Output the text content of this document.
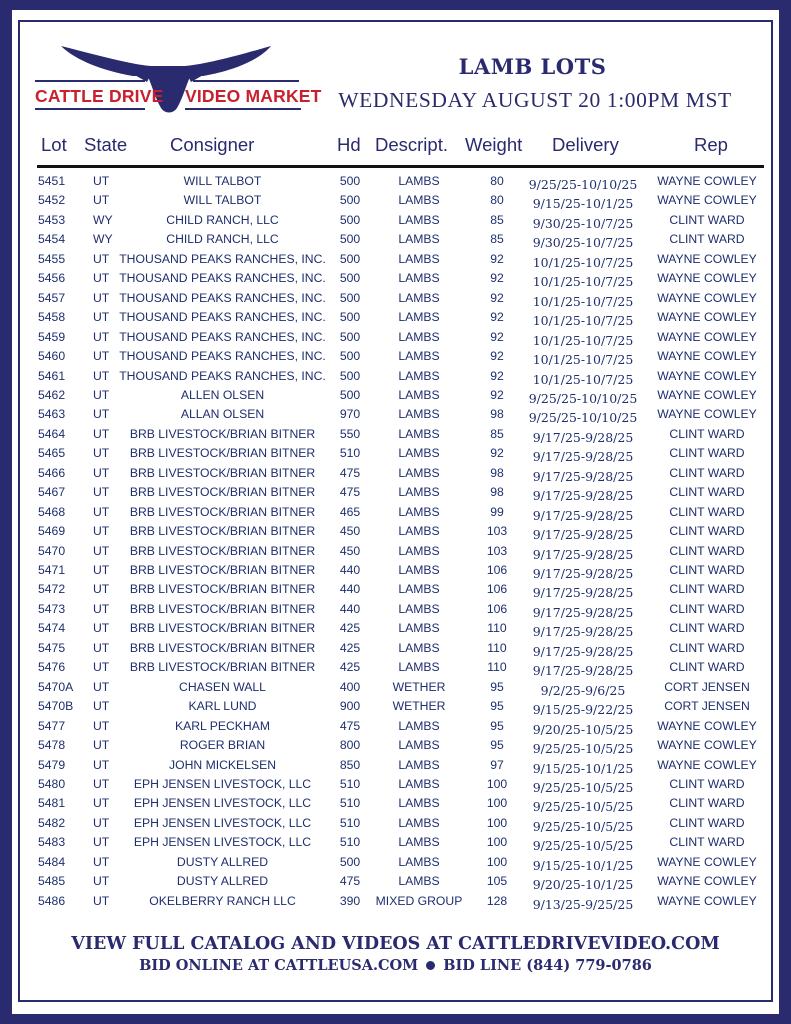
CATTLE DRIVE VIDEO MARKET
LAMB LOTS
WEDNESDAY AUGUST 20 1:00PM MST
Lot State Consigner	Hd Descript. Weight Delivery	Rep
5451 UT	WILL TALBOT	500	LAMBS	80	9/25/25-10/10/25	WAYNE COWLEY
5452 UT	WILL TALBOT	500	LAMBS	80	9/15/25-10/1/25	WAYNE COWLEY
5453 WY	CHILD RANCH, LLC	500	LAMBS	85	9/30/25-10/7/25	CLINT WARD
5454 WY	CHILD RANCH, LLC	500	LAMBS	85	9/30/25-10/7/25	CLINT WARD
5455 UT THOUSAND PEAKS RANCHES, INC.	500	LAMBS	92	10/1/25-10/7/25	WAYNE COWLEY
5456 UT THOUSAND PEAKS RANCHES, INC.	500	LAMBS	92	10/1/25-10/7/25	WAYNE COWLEY
5457 UT THOUSAND PEAKS RANCHES, INC.	500	LAMBS	92	10/1/25-10/7/25	WAYNE COWLEY
5458 UT THOUSAND PEAKS RANCHES, INC.	500	LAMBS	92	10/1/25-10/7/25	WAYNE COWLEY
5459 UT THOUSAND PEAKS RANCHES, INC.	500	LAMBS	92	10/1/25-10/7/25	WAYNE COWLEY
5460 UT THOUSAND PEAKS RANCHES, INC.	500	LAMBS	92	10/1/25-10/7/25	WAYNE COWLEY
5461 UT THOUSAND PEAKS RANCHES, INC.	500	LAMBS	92	10/1/25-10/7/25	WAYNE COWLEY
5462 UT	ALLEN OLSEN	500	LAMBS	92	9/25/25-10/10/25	WAYNE COWLEY
5463 UT	ALLAN OLSEN	970	LAMBS	98	9/25/25-10/10/25	WAYNE COWLEY
5464 UT	BRB LIVESTOCK/BRIAN BITNER	550	LAMBS	85	9/17/25-9/28/25	CLINT WARD
5465 UT	BRB LIVESTOCK/BRIAN BITNER	510	LAMBS	92	9/17/25-9/28/25	CLINT WARD
5466 UT	BRB LIVESTOCK/BRIAN BITNER	475	LAMBS	98	9/17/25-9/28/25	CLINT WARD
5467 UT	BRB LIVESTOCK/BRIAN BITNER	475	LAMBS	98	9/17/25-9/28/25	CLINT WARD
5468 UT	BRB LIVESTOCK/BRIAN BITNER	465	LAMBS	99	9/17/25-9/28/25	CLINT WARD
5469 UT	BRB LIVESTOCK/BRIAN BITNER	450	LAMBS	103	9/17/25-9/28/25	CLINT WARD
5470 UT	BRB LIVESTOCK/BRIAN BITNER	450	LAMBS	103	9/17/25-9/28/25	CLINT WARD
5471 UT	BRB LIVESTOCK/BRIAN BITNER	440	LAMBS	106	9/17/25-9/28/25	CLINT WARD
5472 UT	BRB LIVESTOCK/BRIAN BITNER	440	LAMBS	106	9/17/25-9/28/25	CLINT WARD
5473 UT	BRB LIVESTOCK/BRIAN BITNER	440	LAMBS	106	9/17/25-9/28/25	CLINT WARD
5474 UT	BRB LIVESTOCK/BRIAN BITNER	425	LAMBS	110	9/17/25-9/28/25	CLINT WARD
5475 UT	BRB LIVESTOCK/BRIAN BITNER	425	LAMBS	110	9/17/25-9/28/25	CLINT WARD
5476 UT	BRB LIVESTOCK/BRIAN BITNER	425	LAMBS	110	9/17/25-9/28/25	CLINT WARD
5470A UT	CHASEN WALL	400	WETHER	95	9/2/25-9/6/25	CORT JENSEN
5470B UT	KARL LUND	900	WETHER	95	9/15/25-9/22/25	CORT JENSEN
5477 UT	KARL PECKHAM	475	LAMBS	95	9/20/25-10/5/25	WAYNE COWLEY
5478 UT	ROGER BRIAN	800	LAMBS	95	9/25/25-10/5/25	WAYNE COWLEY
5479 UT	JOHN MICKELSEN	850	LAMBS	97	9/15/25-10/1/25	WAYNE COWLEY
5480 UT	EPH JENSEN LIVESTOCK, LLC	510	LAMBS	100	9/25/25-10/5/25	CLINT WARD
5481 UT	EPH JENSEN LIVESTOCK, LLC	510	LAMBS	100	9/25/25-10/5/25	CLINT WARD
5482 UT	EPH JENSEN LIVESTOCK, LLC	510	LAMBS	100	9/25/25-10/5/25	CLINT WARD
5483 UT	EPH JENSEN LIVESTOCK, LLC	510	LAMBS	100	9/25/25-10/5/25	CLINT WARD
5484 UT	DUSTY ALLRED	500	LAMBS	100	9/15/25-10/1/25	WAYNE COWLEY
5485 UT	DUSTY ALLRED	475	LAMBS	105	9/20/25-10/1/25	WAYNE COWLEY
5486 UT	OKELBERRY RANCH LLC	390	MIXED GROUP	128	9/13/25-9/25/25	WAYNE COWLEY
VIEW FULL CATALOG AND VIDEOS AT CATTLEDRIVEVIDEO.COM
BID ONLINE AT CATTLEUSA.COM BID LINE (844) 779-0786
